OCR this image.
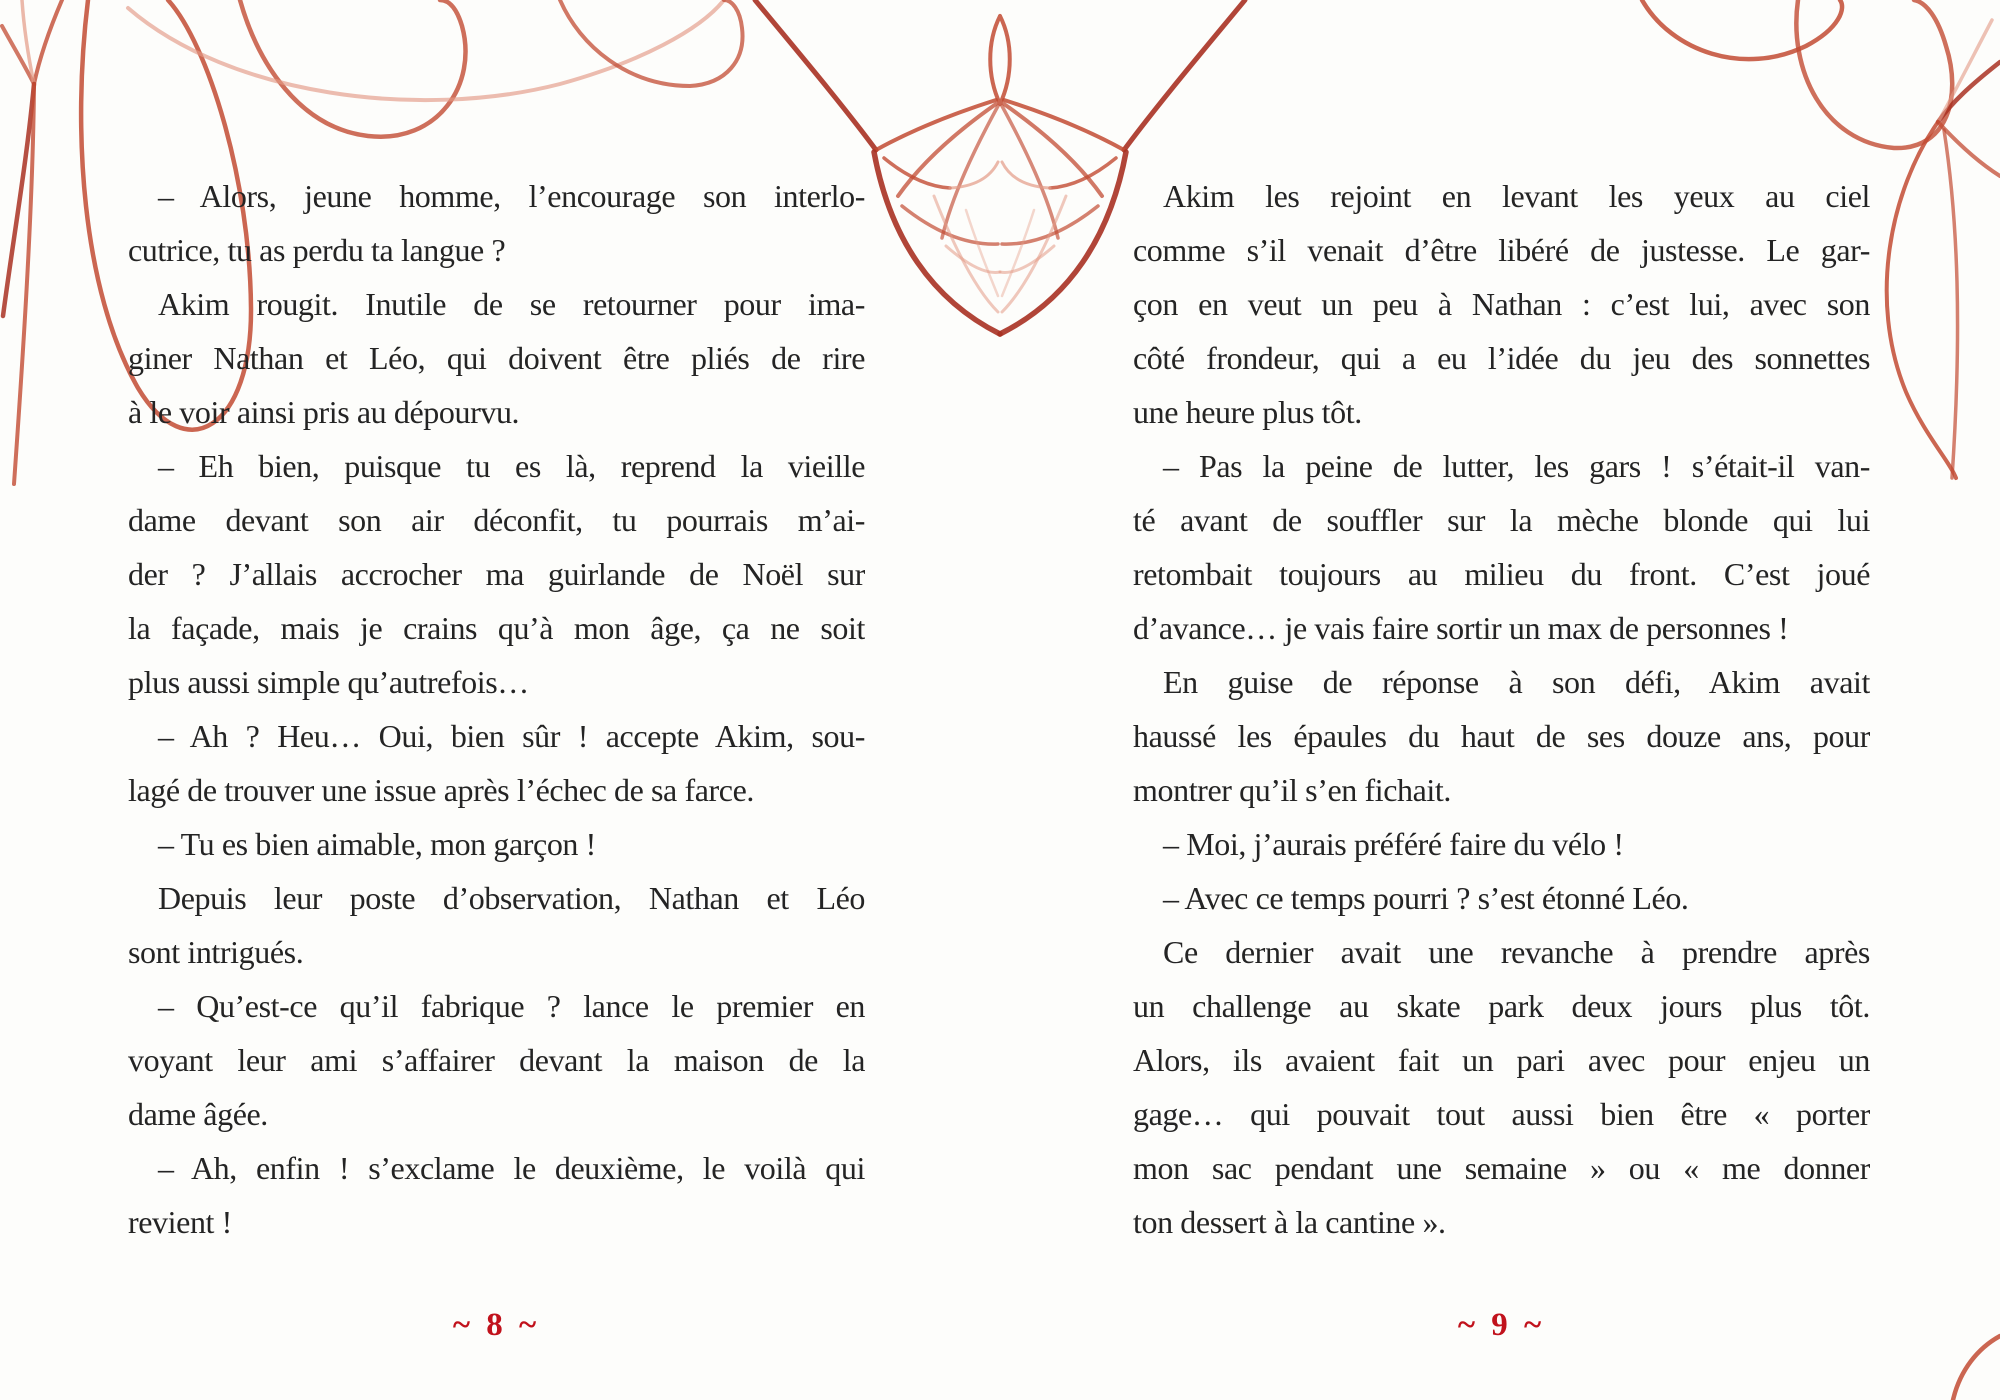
– Alors, jeune homme, l’encourage son interlo-
cutrice, tu as perdu ta langue ?
Akim rougit. Inutile de se retourner pour ima-
giner Nathan et Léo, qui doivent être pliés de rire
à le voir ainsi pris au dépourvu.
– Eh bien, puisque tu es là, reprend la vieille
dame devant son air déconfit, tu pourrais m’ai-
der ? J’allais accrocher ma guirlande de Noël sur
la façade, mais je crains qu’à mon âge, ça ne soit
plus aussi simple qu’autrefois…
– Ah ? Heu… Oui, bien sûr ! accepte Akim, sou-
lagé de trouver une issue après l’échec de sa farce.
– Tu es bien aimable, mon garçon !
Depuis leur poste d’observation, Nathan et Léo
sont intrigués.
– Qu’est-ce qu’il fabrique ? lance le premier en
voyant leur ami s’affairer devant la maison de la
dame âgée.
– Ah, enfin ! s’exclame le deuxième, le voilà qui
revient !
Akim les rejoint en levant les yeux au ciel
comme s’il venait d’être libéré de justesse. Le gar-
çon en veut un peu à Nathan : c’est lui, avec son
côté frondeur, qui a eu l’idée du jeu des sonnettes
une heure plus tôt.
– Pas la peine de lutter, les gars ! s’était-il van-
té avant de souffler sur la mèche blonde qui lui
retombait toujours au milieu du front. C’est joué
d’avance… je vais faire sortir un max de personnes !
En guise de réponse à son défi, Akim avait
haussé les épaules du haut de ses douze ans, pour
montrer qu’il s’en fichait.
– Moi, j’aurais préféré faire du vélo !
– Avec ce temps pourri ? s’est étonné Léo.
Ce dernier avait une revanche à prendre après
un challenge au skate park deux jours plus tôt.
Alors, ils avaient fait un pari avec pour enjeu un
gage… qui pouvait tout aussi bien être « porter
mon sac pendant une semaine » ou « me donner
ton dessert à la cantine ».
~ 8 ~	~ 9 ~
